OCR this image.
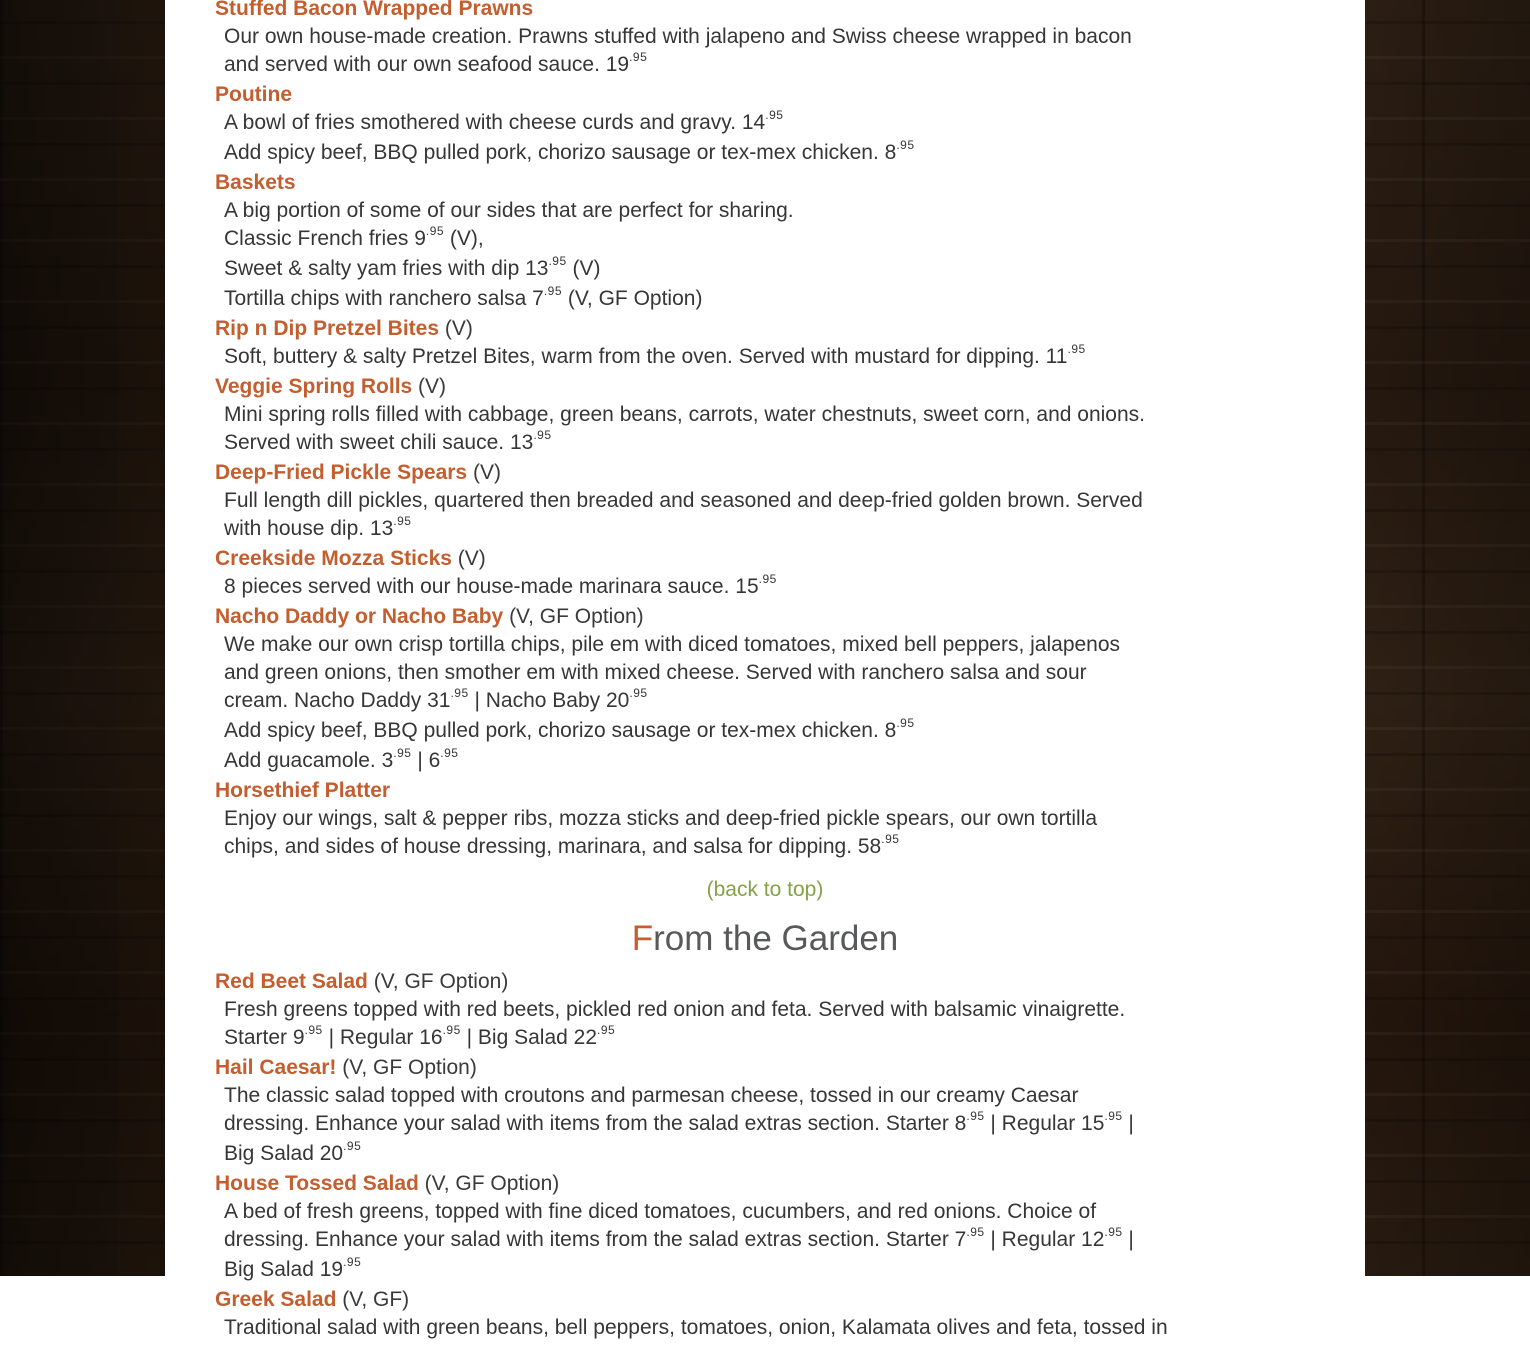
Stuffed Bacon Wrapped Prawns
Our own house-made creation. Prawns stuffed with jalapeno and Swiss cheese wrapped in bacon
and served with our own seafood sauce. $19^{.95}$
Poutine
A bowl of fries smothered with cheese curds and gravy. $14^{.95}$
Add spicy beef, BBQ pulled pork, chorizo sausage or tex-mex chicken. $8^{.95}$
Baskets
A big portion of some of our sides that are perfect for sharing.
Classic French fries $9^{.95}$ (V),
Sweet & salty yam fries with dip $13^{.95}$ (V)
Tortilla chips with ranchero salsa $7^{.95}$ (V, GF Option)
Rip n Dip Pretzel Bites (V)
Soft, buttery & salty Pretzel Bites, warm from the oven. Served with mustard for dipping. $11^{.95}$
Veggie Spring Rolls (V)
Mini spring rolls filled with cabbage, green beans, carrots, water chestnuts, sweet corn, and onions.
Served with sweet chili sauce. $13^{.95}$
Deep-Fried Pickle Spears (V)
Full length dill pickles, quartered then breaded and seasoned and deep-fried golden brown. Served
with house dip. $13^{.95}$
Creekside Mozza Sticks (V)
8 pieces served with our house-made marinara sauce. $15^{.95}$
Nacho Daddy or Nacho Baby (V, GF Option)
We make our own crisp tortilla chips, pile em with diced tomatoes, mixed bell peppers, jalapenos
and green onions, then smother em with mixed cheese. Served with ranchero salsa and sour
cream. Nacho Daddy $31^{.95}$ | Nacho Baby $20^{.95}$
Add spicy beef, BBQ pulled pork, chorizo sausage or tex-mex chicken. $8^{.95}$
Add guacamole. $3^{.95}$ | $6^{.95}$
Horsethief Platter
Enjoy our wings, salt & pepper ribs, mozza sticks and deep-fried pickle spears, our own tortilla
chips, and sides of house dressing, marinara, and salsa for dipping. $58^{.95}$
(back to top)
From the Garden
Red Beet Salad (V, GF Option)
Fresh greens topped with red beets, pickled red onion and feta. Served with balsamic vinaigrette.
Starter $9^{.95}$ | Regular $16^{.95}$ | Big Salad $22^{.95}$
Hail Caesar! (V, GF Option)
The classic salad topped with croutons and parmesan cheese, tossed in our creamy Caesar
dressing. Enhance your salad with items from the salad extras section. Starter $8^{.95}$ | Regular $15^{.95}$ |
Big Salad $20^{.95}$
House Tossed Salad (V, GF Option)
A bed of fresh greens, topped with fine diced tomatoes, cucumbers, and red onions. Choice of
dressing. Enhance your salad with items from the salad extras section. Starter $7^{.95}$ | Regular $12^{.95}$ |
Big Salad $19^{.95}$
Greek Salad (V, GF)
Traditional salad with green beans, bell peppers, tomatoes, onion, Kalamata olives and feta, tossed in
